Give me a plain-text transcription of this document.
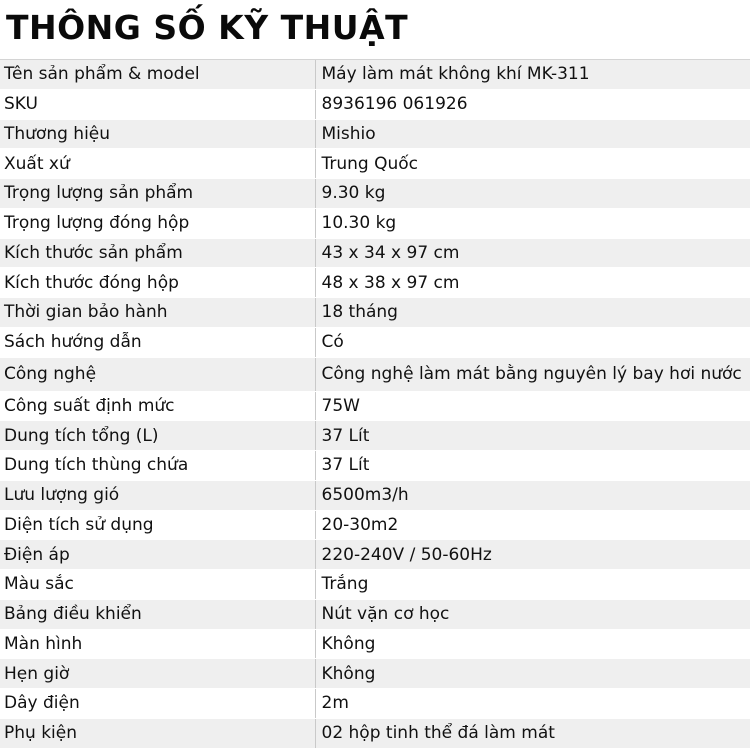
THÔNG SỐ KỸ THUẬT
Tên sản phẩm & model	Máy làm mát không khí MK-311
SKU	8936196 061926
Thương hiệu	Mishio
Xuất xứ	Trung Quốc
Trọng lượng sản phẩm	9.30 kg
Trọng lượng đóng hộp	10.30 kg
Kích thước sản phẩm	43 x 34 x 97 cm
Kích thước đóng hộp	48 x 38 x 97 cm
Thời gian bảo hành	18 tháng
Sách hướng dẫn	Có
Công nghệ	Công nghệ làm mát bằng nguyên lý bay hơi nước
Công suất định mức	75W
Dung tích tổng (L)	37 Lít
Dung tích thùng chứa	37 Lít
Lưu lượng gió	6500m3/h
Diện tích sử dụng	20-30m2
Điện áp	220-240V / 50-60Hz
Màu sắc	Trắng
Bảng điều khiển	Nút vặn cơ học
Màn hình	Không
Hẹn giờ	Không
Dây điện	2m
Phụ kiện	02 hộp tinh thể đá làm mát
